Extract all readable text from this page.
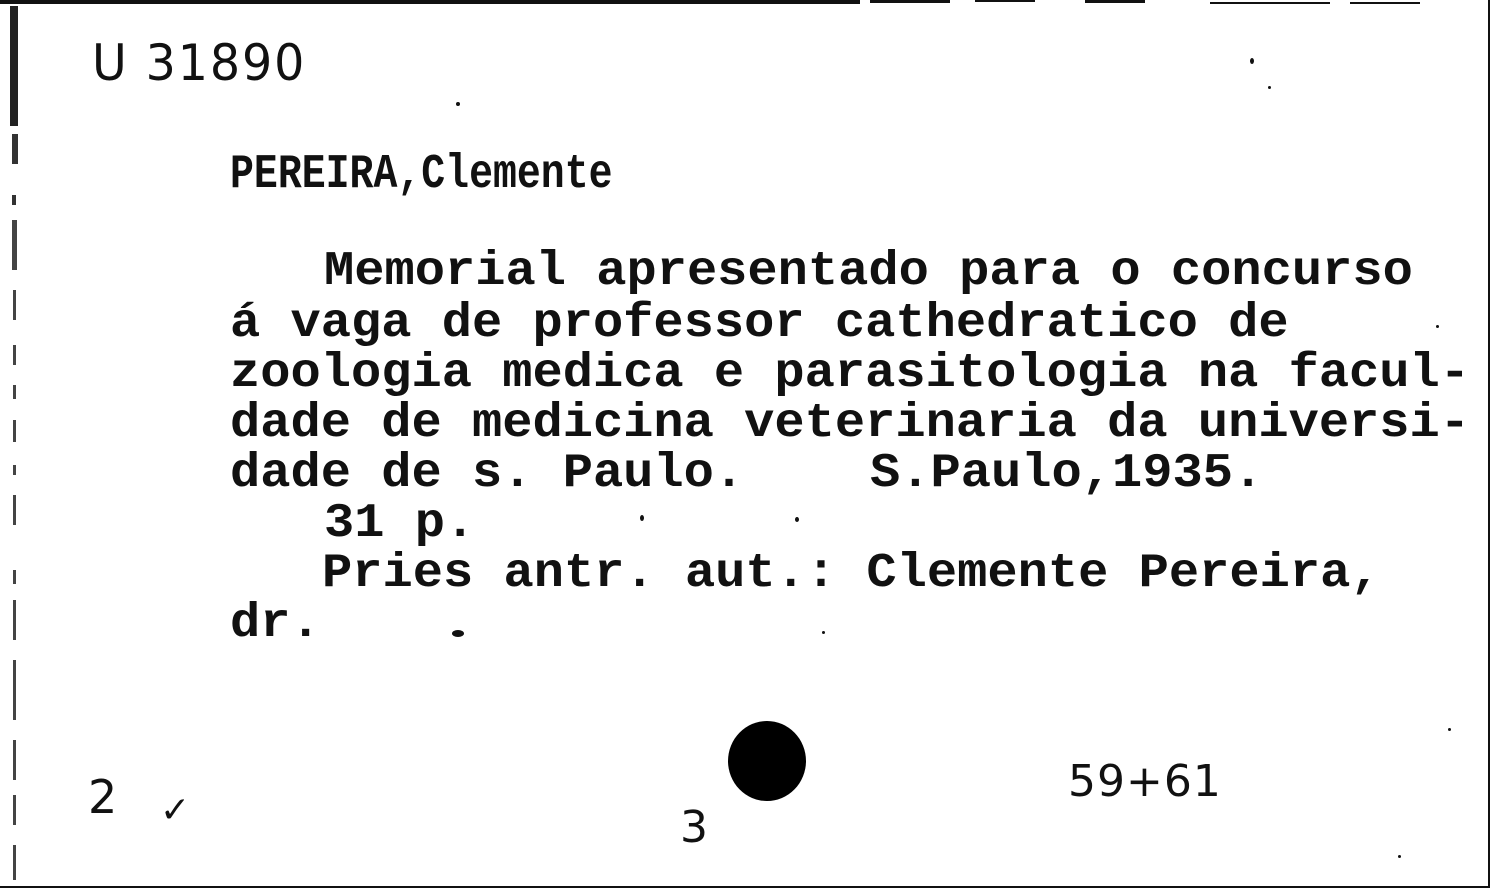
U 31890
PEREIRA,Clemente
Memorial apresentado para o concurso
á vaga de professor cathedratico de
zoologia medica e parasitologia na facul-
dade de medicina veterinaria da universi-
dade de s. Paulo.	S.Paulo,1935.
31 p.
Pries antr. aut.: Clemente Pereira,
dr.
2 ✓	3
59+61
